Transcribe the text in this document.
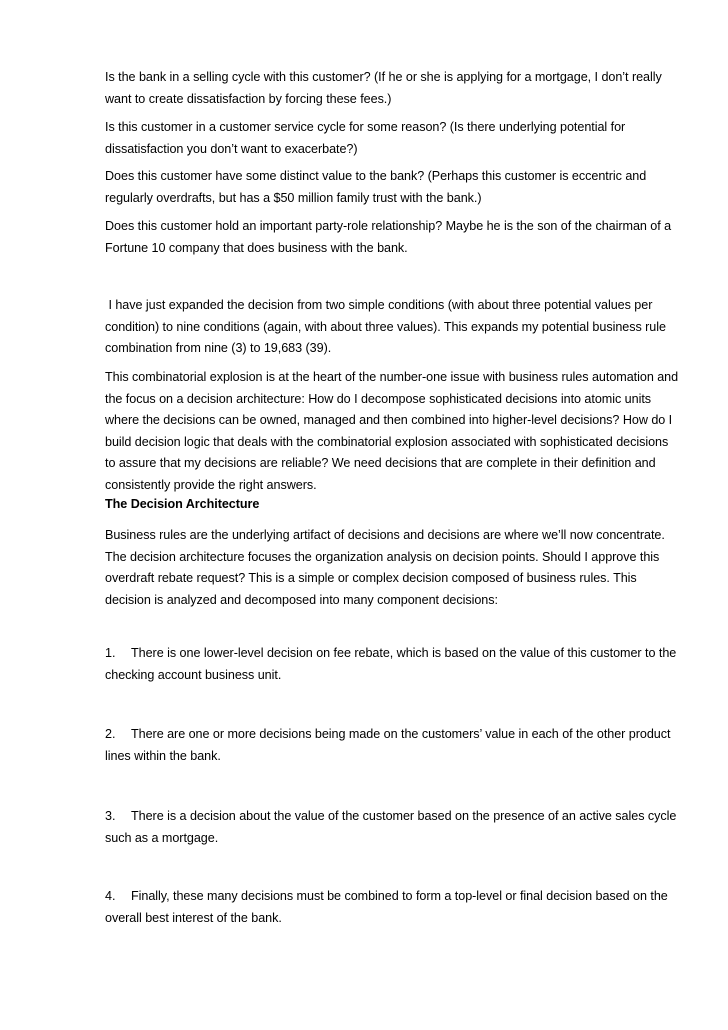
Is the bank in a selling cycle with this customer? (If he or she is applying for a mortgage, I don’t really want to create dissatisfaction by forcing these fees.)

Is this customer in a customer service cycle for some reason? (Is there underlying potential for dissatisfaction you don’t want to exacerbate?)

Does this customer have some distinct value to the bank? (Perhaps this customer is eccentric and regularly overdrafts, but has a $50 million family trust with the bank.)

Does this customer hold an important party-role relationship? Maybe he is the son of the chairman of a Fortune 10 company that does business with the bank.

I have just expanded the decision from two simple conditions (with about three potential values per condition) to nine conditions (again, with about three values). This expands my potential business rule combination from nine (3) to 19,683 (39).

This combinatorial explosion is at the heart of the number-one issue with business rules automation and the focus on a decision architecture: How do I decompose sophisticated decisions into atomic units where the decisions can be owned, managed and then combined into higher-level decisions? How do I build decision logic that deals with the combinatorial explosion associated with sophisticated decisions to assure that my decisions are reliable? We need decisions that are complete in their definition and consistently provide the right answers.

The Decision Architecture

Business rules are the underlying artifact of decisions and decisions are where we’ll now concentrate. The decision architecture focuses the organization analysis on decision points. Should I approve this overdraft rebate request? This is a simple or complex decision composed of business rules. This decision is analyzed and decomposed into many component decisions:

1. There is one lower-level decision on fee rebate, which is based on the value of this customer to the checking account business unit.

2. There are one or more decisions being made on the customers’ value in each of the other product lines within the bank.

3. There is a decision about the value of the customer based on the presence of an active sales cycle such as a mortgage.

4. Finally, these many decisions must be combined to form a top-level or final decision based on the overall best interest of the bank.
